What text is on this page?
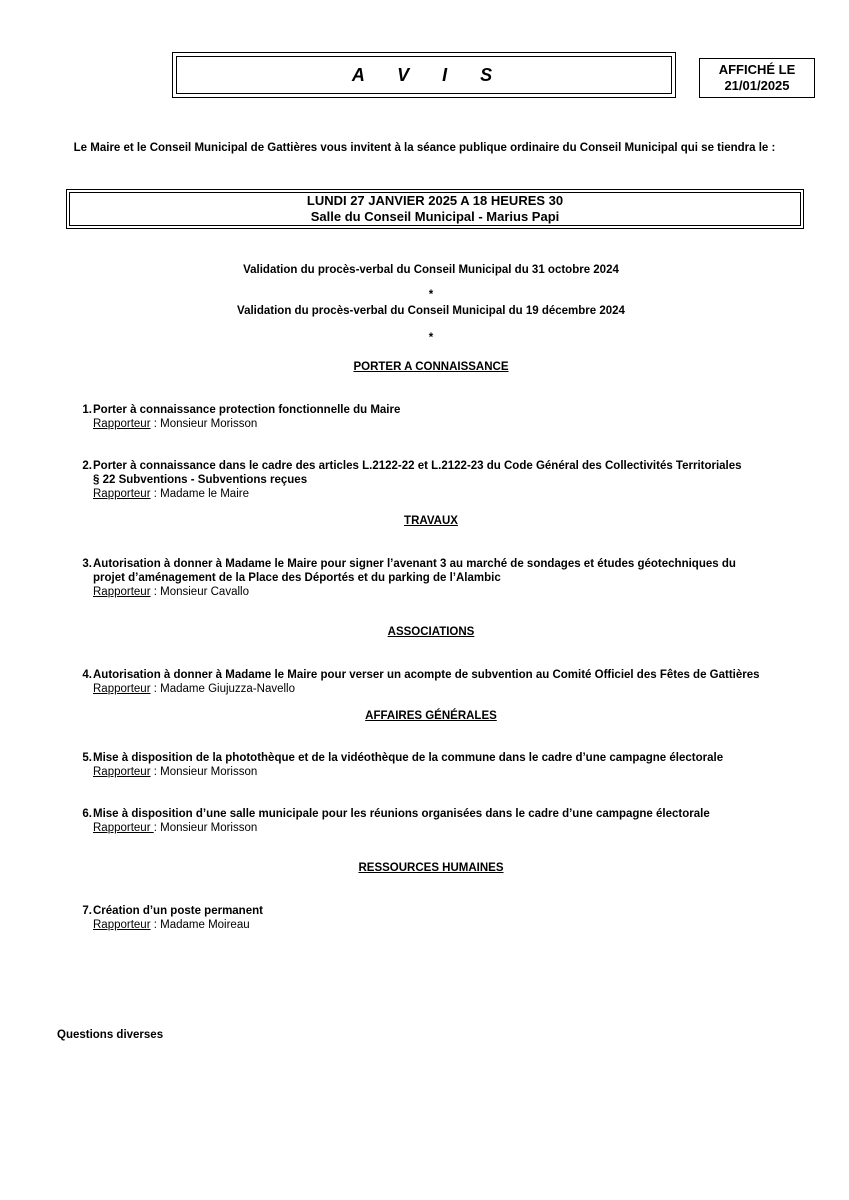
A V I S	AFFICHÉ LE
21/01/2025
Le Maire et le Conseil Municipal de Gattières vous invitent à la séance publique ordinaire du Conseil Municipal qui se tiendra le :
LUNDI 27 JANVIER 2025 A 18 HEURES 30
Salle du Conseil Municipal - Marius Papi
Validation du procès-verbal du Conseil Municipal du 31 octobre 2024
*
Validation du procès-verbal du Conseil Municipal du 19 décembre 2024
*
PORTER A CONNAISSANCE
1. Porter à connaissance protection fonctionnelle du Maire
Rapporteur : Monsieur Morisson
2. Porter à connaissance dans le cadre des articles L.2122-22 et L.2122-23 du Code Général des Collectivités Territoriales
§ 22 Subventions - Subventions reçues
Rapporteur : Madame le Maire
TRAVAUX
3. Autorisation à donner à Madame le Maire pour signer l’avenant 3 au marché de sondages et études géotechniques du
projet d’aménagement de la Place des Déportés et du parking de l’Alambic
Rapporteur : Monsieur Cavallo
ASSOCIATIONS
4. Autorisation à donner à Madame le Maire pour verser un acompte de subvention au Comité Officiel des Fêtes de Gattières
Rapporteur : Madame Giujuzza-Navello
AFFAIRES GÉNÉRALES
5. Mise à disposition de la photothèque et de la vidéothèque de la commune dans le cadre d’une campagne électorale
Rapporteur : Monsieur Morisson
6. Mise à disposition d’une salle municipale pour les réunions organisées dans le cadre d’une campagne électorale
Rapporteur : Monsieur Morisson
RESSOURCES HUMAINES
7. Création d’un poste permanent
Rapporteur : Madame Moireau
Questions diverses
